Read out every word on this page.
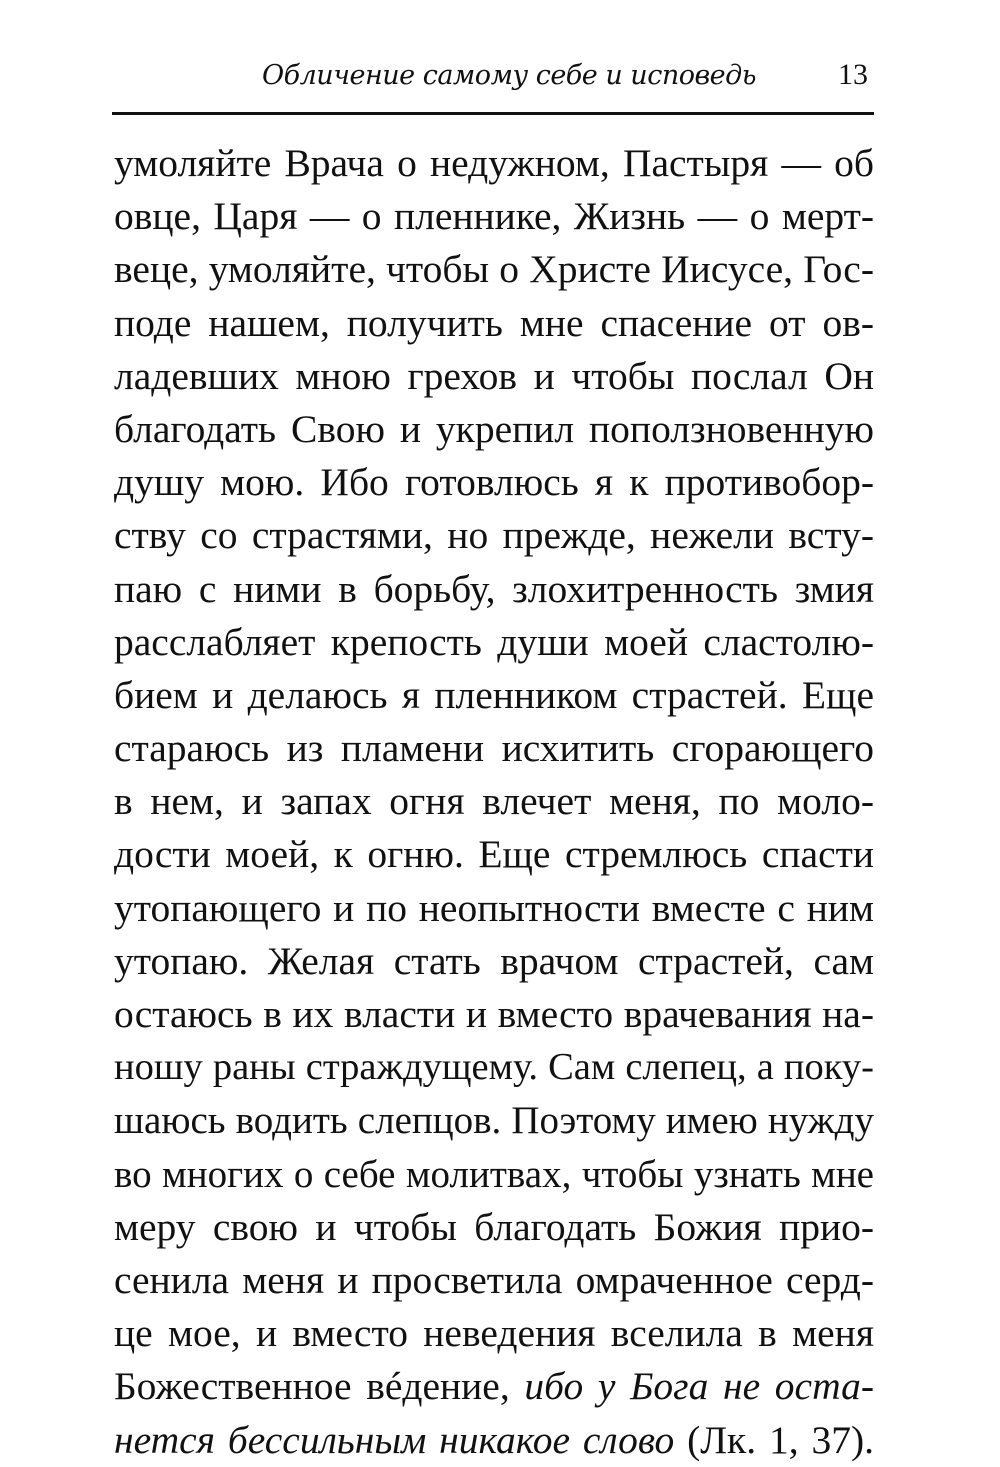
Обличение самому себе и исповедь	13
умоляйте Врача о недужном, Пастыря — об
овце, Царя — о пленнике, Жизнь — о мерт-
веце, умоляйте, чтобы о Христе Иисусе, Гос-
поде нашем, получить мне спасение от ов-
ладевших мною грехов и чтобы послал Он
благодать Свою и укрепил поползновенную
душу мою. Ибо готовлюсь я к противобор-
ству со страстями, но прежде, нежели всту-
паю с ними в борьбу, злохитренность змия
расслабляет крепость души моей сластолю-
бием и делаюсь я пленником страстей. Еще
стараюсь из пламени исхитить сгорающего
в нем, и запах огня влечет меня, по моло-
дости моей, к огню. Еще стремлюсь спасти
утопающего и по неопытности вместе с ним
утопаю. Желая стать врачом страстей, сам
остаюсь в их власти и вместо врачевания на-
ношу раны страждущему. Сам слепец, а поку-
шаюсь водить слепцов. Поэтому имею нужду
во многих о себе молитвах, чтобы узнать мне
меру свою и чтобы благодать Божия прио-
сенила меня и просветила омраченное серд-
це мое, и вместо неведения вселила в меня
Божественное вéдение, ибо у Бога не оста-
нется бессильным никакое слово (Лк. 1, 37).
